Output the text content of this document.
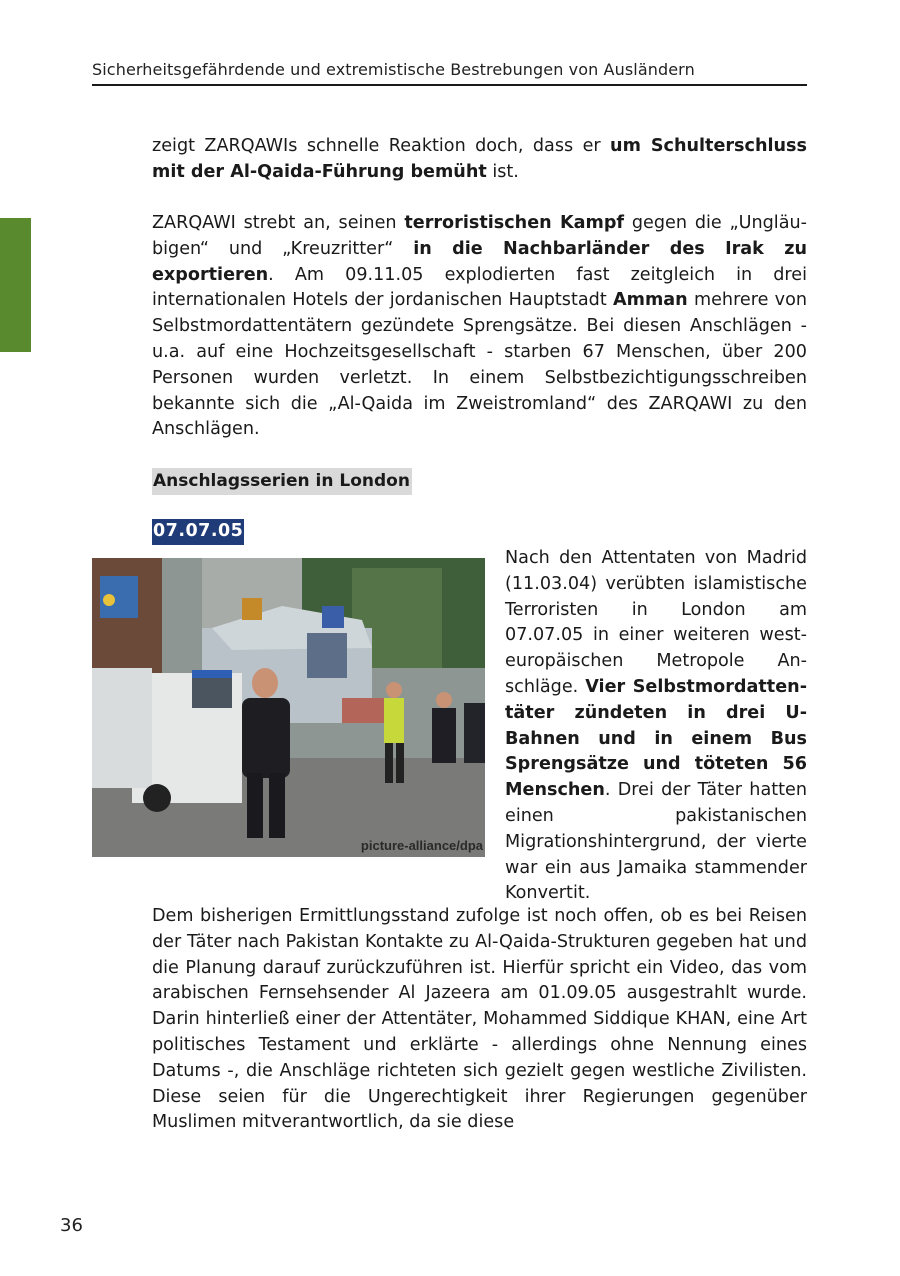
Sicherheitsgefährdende und extremistische Bestrebungen von Ausländern

zeigt ZARQAWIs schnelle Reaktion doch, dass er um Schulterschluss mit der Al-Qaida-Führung bemüht ist.

ZARQAWI strebt an, seinen terroristischen Kampf gegen die „Ungläubigen“ und „Kreuzritter“ in die Nachbarländer des Irak zu exportieren. Am 09.11.05 explodierten fast zeitgleich in drei internationalen Hotels der jordanischen Hauptstadt Amman mehrere von Selbstmordattentätern gezündete Sprengsätze. Bei diesen Anschlägen - u.a. auf eine Hochzeitsgesellschaft - starben 67 Menschen, über 200 Personen wurden verletzt. In einem Selbstbezichtigungsschreiben bekannte sich die „Al-Qaida im Zweistromland“ des ZARQAWI zu den Anschlägen.

Anschlagsserien in London
07.07.05
picture-alliance/dpa

Nach den Attentaten von Madrid (11.03.04) verübten islamistische Terroristen in London am 07.07.05 in einer weiteren westeuropäischen Metropole Anschläge. Vier Selbstmordattentäter zündeten in drei U-Bahnen und in einem Bus Sprengsätze und töteten 56 Menschen. Drei der Täter hatten einen pakistanischen Migrationshintergrund, der vierte war ein aus Jamaika stammender Konvertit.

Dem bisherigen Ermittlungsstand zufolge ist noch offen, ob es bei Reisen der Täter nach Pakistan Kontakte zu Al-Qaida-Strukturen gegeben hat und die Planung darauf zurückzuführen ist. Hierfür spricht ein Video, das vom arabischen Fernsehsender Al Jazeera am 01.09.05 ausgestrahlt wurde. Darin hinterließ einer der Attentäter, Mohammed Siddique KHAN, eine Art politisches Testament und erklärte - allerdings ohne Nennung eines Datums -, die Anschläge richteten sich gezielt gegen westliche Zivilisten. Diese seien für die Ungerechtigkeit ihrer Regierungen gegenüber Muslimen mitverantwortlich, da sie diese

36
